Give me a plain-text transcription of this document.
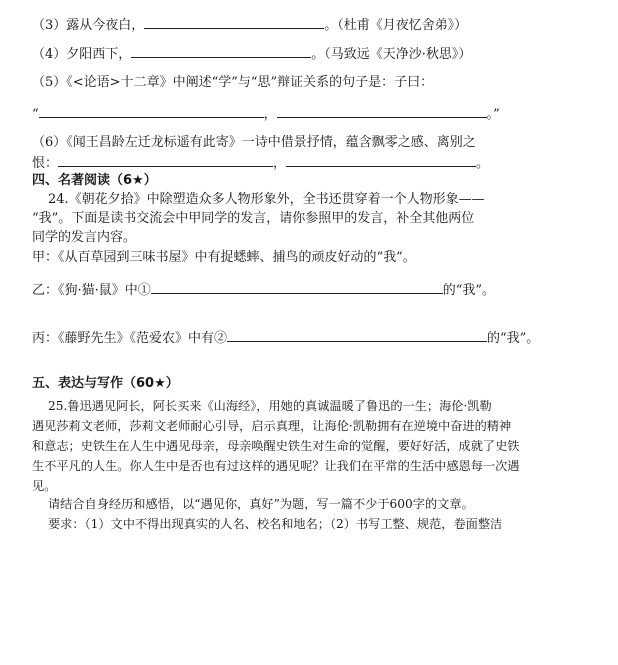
（3）露从今夜白，	。（杜甫《月夜忆舍弟》）
（4）夕阳西下，	。（马致远《天净沙·秋思》）
（5）《<论语>十二章》中阐述“学”与“思”辩证关系的句子是：子曰：
“	，	。”
（6）《闻王昌龄左迁龙标遥有此寄》一诗中借景抒情，蕴含飘零之感、离别之
恨：	，	。
四、名著阅读（6★）
24.《朝花夕拾》中除塑造众多人物形象外，全书还贯穿着一个人物形象——
“我”。下面是读书交流会中甲同学的发言，请你参照甲的发言，补全其他两位
同学的发言内容。
甲：《从百草园到三味书屋》中有捉蟋蟀、捕鸟的顽皮好动的“我”。
乙：《狗·猫·鼠》中①	的“我”。
丙：《藤野先生》《范爱农》中有②	的“我”。
五、表达与写作（60★）
25.鲁迅遇见阿长，阿长买来《山海经》，用她的真诚温暖了鲁迅的一生；海伦·凯勒
遇见莎莉文老师，莎莉文老师耐心引导，启示真理，让海伦·凯勒拥有在逆境中奋进的精神
和意志；史铁生在人生中遇见母亲，母亲唤醒史铁生对生命的觉醒，要好好活，成就了史铁
生不平凡的人生。你人生中是否也有过这样的遇见呢？让我们在平常的生活中感恩每一次遇
见。
请结合自身经历和感悟，以“遇见你，真好”为题，写一篇不少于600字的文章。
要求：（1）文中不得出现真实的人名、校名和地名；（2）书写工整、规范，卷面整洁
